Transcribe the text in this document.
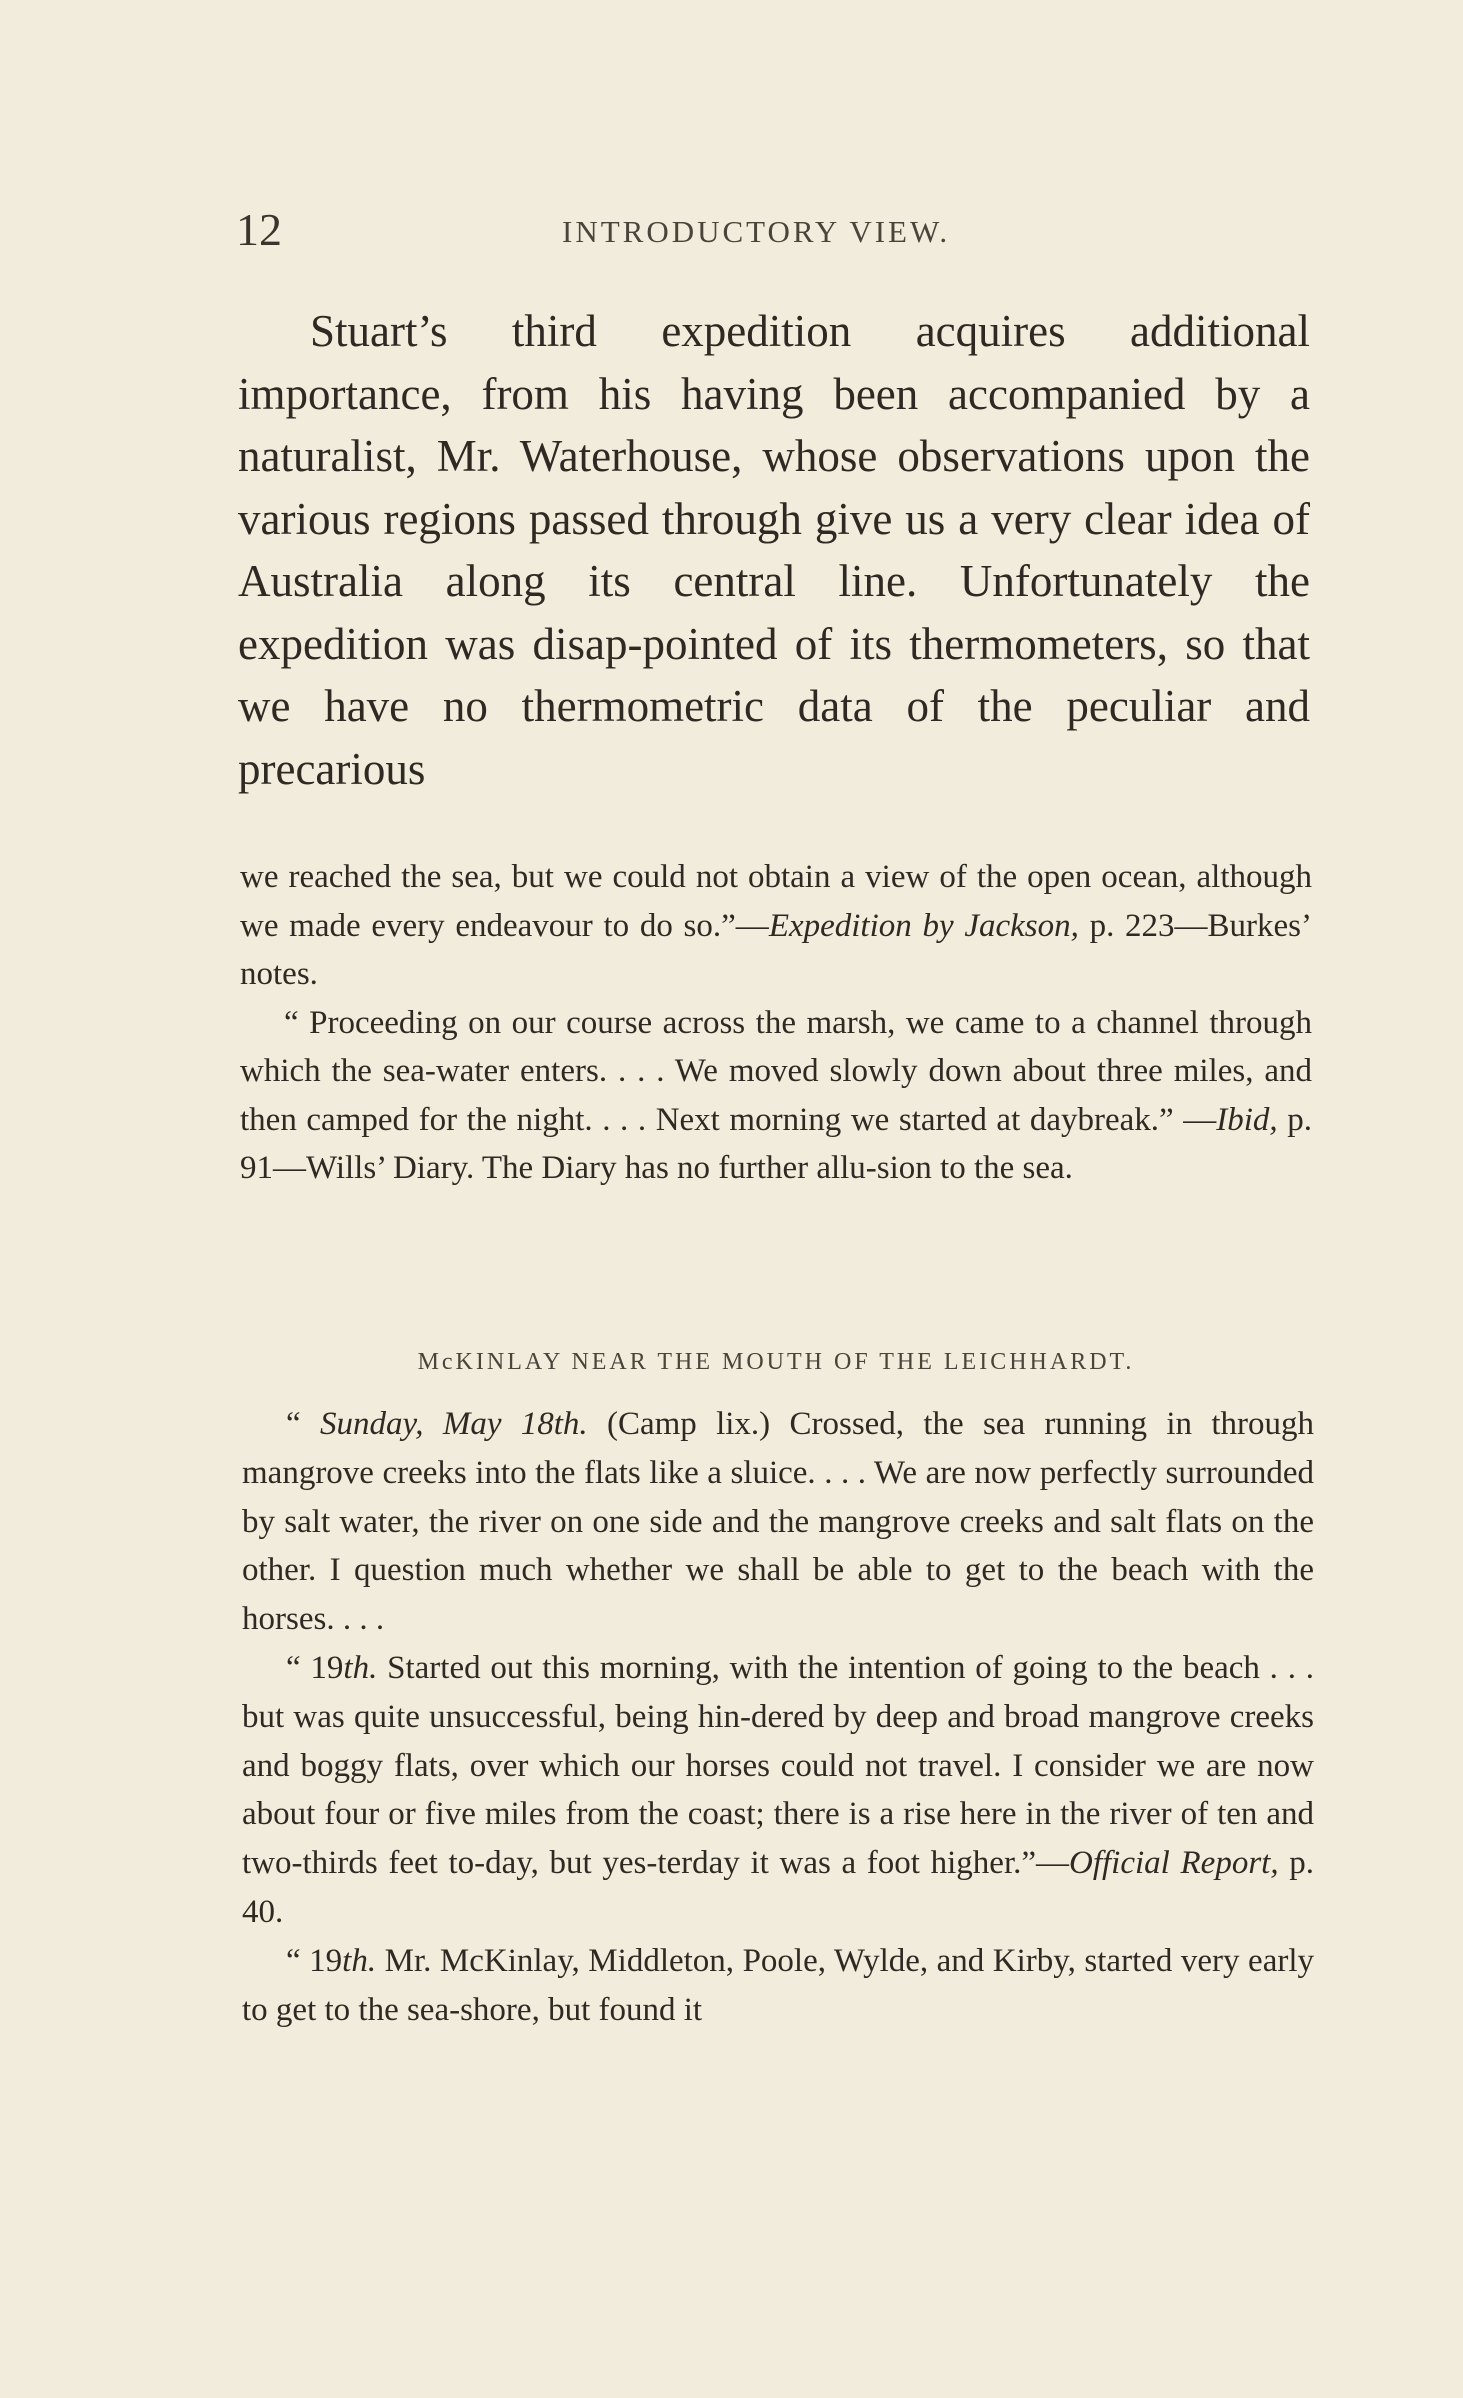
12	INTRODUCTORY VIEW.

Stuart’s third expedition acquires additional importance, from his having been accompanied by a naturalist, Mr. Waterhouse, whose observations upon the various regions passed through give us a very clear idea of Australia along its central line. Unfortunately the expedition was disap-pointed of its thermometers, so that we have no thermometric data of the peculiar and precarious

we reached the sea, but we could not obtain a view of the open ocean, although we made every endeavour to do so.”—Expedition by Jackson, p. 223—Burkes’ notes.

“ Proceeding on our course across the marsh, we came to a channel through which the sea-water enters. . . . We moved slowly down about three miles, and then camped for the night. . . . Next morning we started at daybreak.” —Ibid, p. 91—Wills’ Diary. The Diary has no further allu-sion to the sea.

McKINLAY NEAR THE MOUTH OF THE LEICHHARDT.

“ Sunday, May 18th. (Camp lix.) Crossed, the sea running in through mangrove creeks into the flats like a sluice. . . . We are now perfectly surrounded by salt water, the river on one side and the mangrove creeks and salt flats on the other. I question much whether we shall be able to get to the beach with the horses. . . .

“ 19th. Started out this morning, with the intention of going to the beach . . . but was quite unsuccessful, being hin-dered by deep and broad mangrove creeks and boggy flats, over which our horses could not travel. I consider we are now about four or five miles from the coast; there is a rise here in the river of ten and two-thirds feet to-day, but yes-terday it was a foot higher.”—Official Report, p. 40.

“ 19th. Mr. McKinlay, Middleton, Poole, Wylde, and Kirby, started very early to get to the sea-shore, but found it
